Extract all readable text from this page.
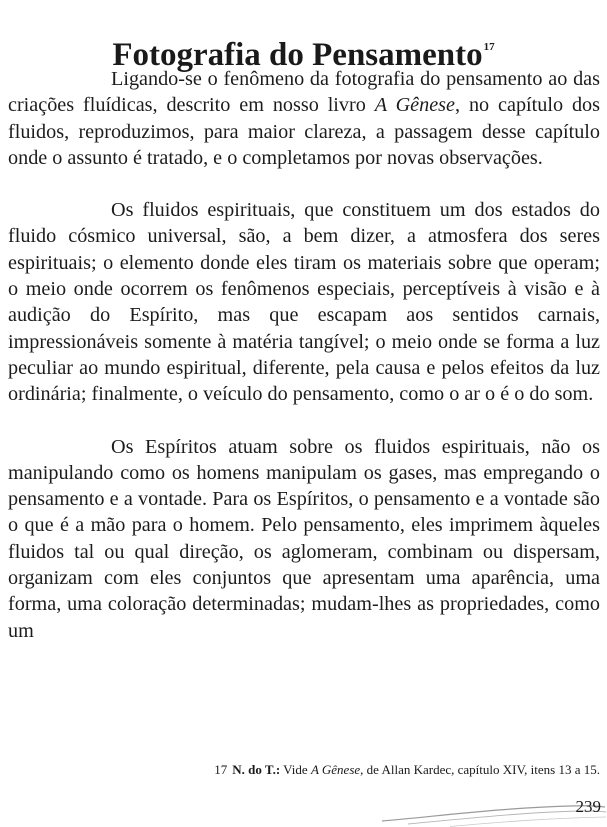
Fotografia do Pensamento$^{17}$

Ligando-se o fenômeno da fotografia do pensamento ao das criações fluídicas, descrito em nosso livro A Gênese, no capítulo dos fluidos, reproduzimos, para maior clareza, a passagem desse capítulo onde o assunto é tratado, e o completamos por novas observações.

Os fluidos espirituais, que constituem um dos estados do fluido cósmico universal, são, a bem dizer, a atmosfera dos seres espirituais; o elemento donde eles tiram os materiais sobre que operam; o meio onde ocorrem os fenômenos especiais, perceptíveis à visão e à audição do Espírito, mas que escapam aos sentidos carnais, impressionáveis somente à matéria tangível; o meio onde se forma a luz peculiar ao mundo espiritual, diferente, pela causa e pelos efeitos da luz ordinária; finalmente, o veículo do pensamento, como o ar o é o do som.

Os Espíritos atuam sobre os fluidos espirituais, não os manipulando como os homens manipulam os gases, mas empregando o pensamento e a vontade. Para os Espíritos, o pensamento e a vontade são o que é a mão para o homem. Pelo pensamento, eles imprimem àqueles fluidos tal ou qual direção, os aglomeram, combinam ou dispersam, organizam com eles conjuntos que apresentam uma aparência, uma forma, uma coloração determinadas; mudam-lhes as propriedades, como um

17 N. do T.: Vide A Gênese, de Allan Kardec, capítulo XIV, itens 13 a 15.
239
